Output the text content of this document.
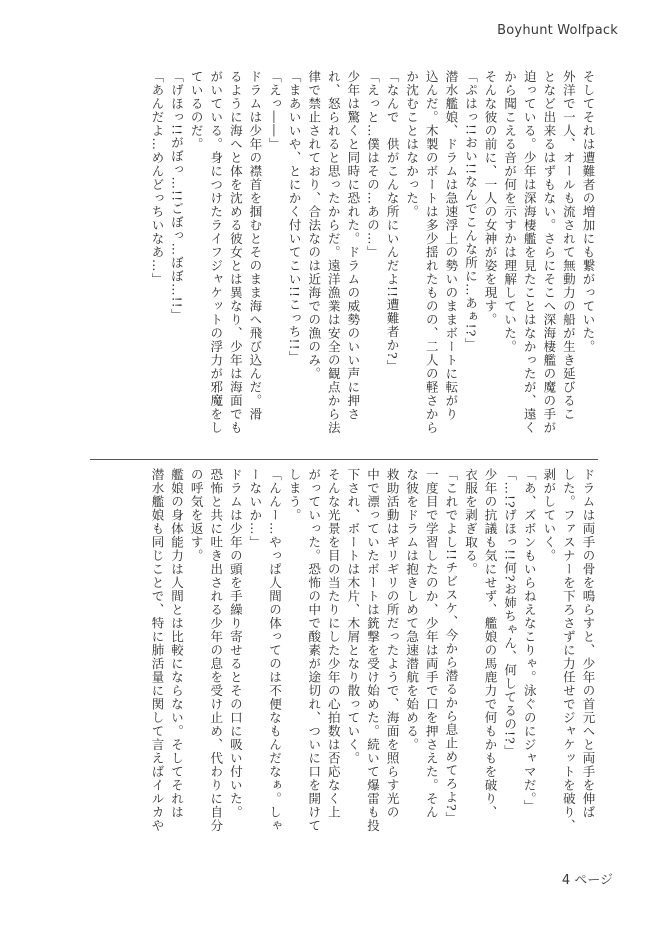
Boyhunt Wolfpack
そしてそれは遭難者の増加にも繋がっていた。
外洋で一人、オールも流されて無動力の船が生き延びるこ
となど出来るはずもない。さらにそこへ深海棲艦の魔の手が
迫っている。少年は深海棲艦を見たことはなかったが、遠く
から聞こえる音が何を示すかは理解していた。
そんな彼の前に、一人の女神が姿を現す。
「ぷはっ!!おい!!なんでこんな所に…あぁ!?」
潜水艦娘、ドラムは急速浮上の勢いのままボートに転がり
込んだ。木製のボートは多少揺れたものの、二人の軽さから
か沈むことはなかった。
「なんで　供がこんな所にいんだよ!!遭難者か?」
「えっと…僕はその…あの…」
少年は驚くと同時に恐れた。ドラムの威勢のいい声に押さ
れ、怒られると思ったからだ。遠洋漁業は安全の観点から法
律で禁止されており、合法なのは近海での漁のみ。
「まあいいや、とにかく付いてこい!!こっち!!」
「えっ――」
ドラムは少年の襟首を掴むとそのまま海へ飛び込んだ。滑
るように海へと体を沈める彼女とは異なり、少年は海面でも
がいている。身につけたライフジャケットの浮力が邪魔をし
ているのだ。
「げほっ!!がぼっ…!!ごぼっ…ぼぼ…!!」
「あんだよ…めんどっちいなあ…」
ドラムは両手の骨を鳴らすと、少年の首元へと両手を伸ば
した。ファスナーを下ろさずに力任せでジャケットを破り、
剥がしていく。
「あ、ズボンもいらねえなこりゃ。泳ぐのにジャマだ。」
「…!?げほっ!!何?お姉ちゃん、何してるの!?」
少年の抗議も気にせず、艦娘の馬鹿力で何もかもを破り、
衣服を剥ぎ取る。
「これでよし!!チビスケ、今から潜るから息止めてろよ?」
一度目で学習したのか、少年は両手で口を押さえた。そん
な彼をドラムは抱きしめて急速潜航を始める。
救助活動はギリギリの所だったようで、海面を照らす光の
中で漂っていたボートは銃撃を受け始めた。続いて爆雷も投
下され、ボートは木片、木屑となり散っていく。
そんな光景を目の当たりにした少年の心拍数は否応なく上
がっていった。恐怖の中で酸素が途切れ、ついに口を開けて
しまう。
「んんー…やっぱ人間の体ってのは不便なもんだなぁ。しゃ
ーないか…」
ドラムは少年の頭を手繰り寄せるとその口に吸い付いた。
恐怖と共に吐き出される少年の息を受け止め、代わりに自分
の呼気を返す。
艦娘の身体能力は人間とは比較にならない。そしてそれは
潜水艦娘も同じことで、特に肺活量に関して言えばイルカや
4 ページ
